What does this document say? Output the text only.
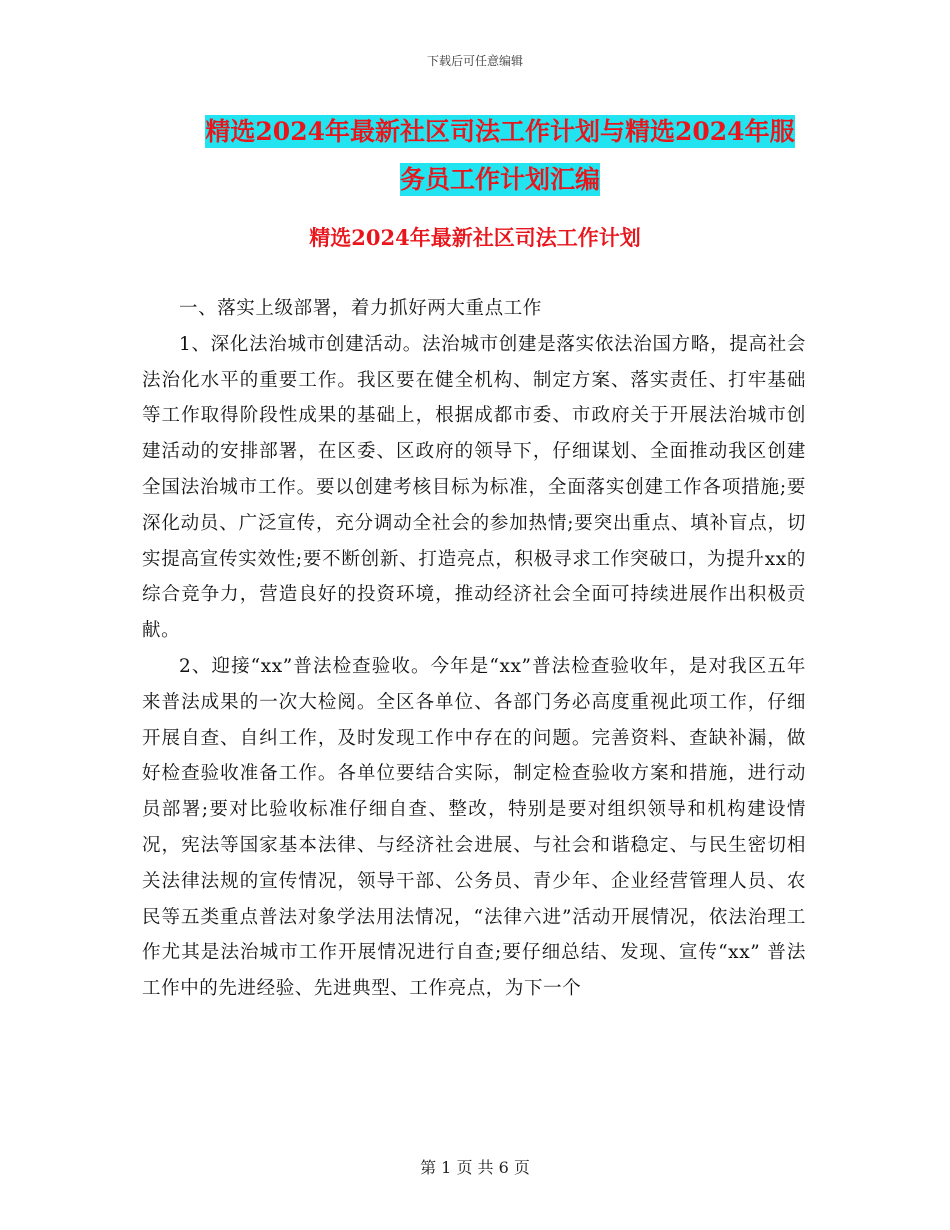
下载后可任意编辑
精选2024年最新社区司法工作计划与精选2024年服
务员工作计划汇编
精选2024年最新社区司法工作计划

一、落实上级部署，着力抓好两大重点工作

1、深化法治城市创建活动。法治城市创建是落实依法治国方略，提高社会法治化水平的重要工作。我区要在健全机构、制定方案、落实责任、打牢基础等工作取得阶段性成果的基础上，根据成都市委、市政府关于开展法治城市创建活动的安排部署，在区委、区政府的领导下，仔细谋划、全面推动我区创建全国法治城市工作。要以创建考核目标为标准，全面落实创建工作各项措施;要深化动员、广泛宣传，充分调动全社会的参加热情;要突出重点、填补盲点，切实提高宣传实效性;要不断创新、打造亮点，积极寻求工作突破口，为提升xx的综合竞争力，营造良好的投资环境，推动经济社会全面可持续进展作出积极贡献。

2、迎接“xx”普法检查验收。今年是“xx”普法检查验收年，是对我区五年来普法成果的一次大检阅。全区各单位、各部门务必高度重视此项工作，仔细开展自查、自纠工作，及时发现工作中存在的问题。完善资料、查缺补漏，做好检查验收准备工作。各单位要结合实际，制定检查验收方案和措施，进行动员部署;要对比验收标准仔细自查、整改，特别是要对组织领导和机构建设情况，宪法等国家基本法律、与经济社会进展、与社会和谐稳定、与民生密切相关法律法规的宣传情况，领导干部、公务员、青少年、企业经营管理人员、农民等五类重点普法对象学法用法情况，“法律六进”活动开展情况，依法治理工作尤其是法治城市工作开展情况进行自查;要仔细总结、发现、宣传“xx” 普法工作中的先进经验、先进典型、工作亮点，为下一个

第 1 页 共 6 页
